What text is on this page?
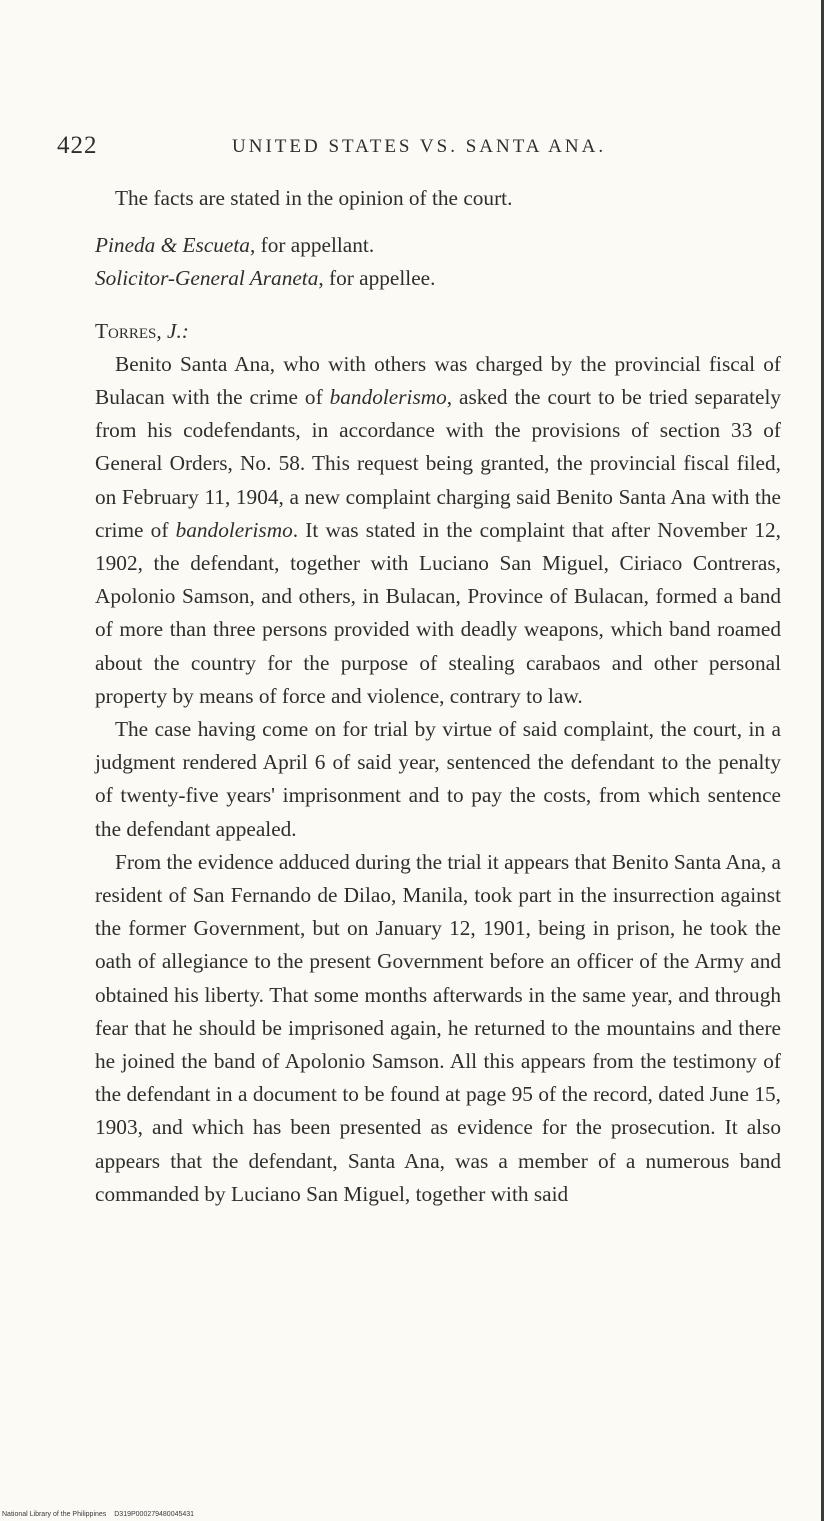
422	UNITED STATES VS. SANTA ANA.

The facts are stated in the opinion of the court.

Pineda & Escueta, for appellant.
Solicitor-General Araneta, for appellee.

Torres, J.:

Benito Santa Ana, who with others was charged by the provincial fiscal of Bulacan with the crime of bandolerismo, asked the court to be tried separately from his codefendants, in accordance with the provisions of section 33 of General Orders, No. 58. This request being granted, the provincial fiscal filed, on February 11, 1904, a new complaint charging said Benito Santa Ana with the crime of bandolerismo. It was stated in the complaint that after November 12, 1902, the defendant, together with Luciano San Miguel, Ciriaco Contreras, Apolonio Samson, and others, in Bulacan, Province of Bulacan, formed a band of more than three persons provided with deadly weapons, which band roamed about the country for the purpose of stealing carabaos and other personal property by means of force and violence, contrary to law.

The case having come on for trial by virtue of said complaint, the court, in a judgment rendered April 6 of said year, sentenced the defendant to the penalty of twenty-five years' imprisonment and to pay the costs, from which sentence the defendant appealed.

From the evidence adduced during the trial it appears that Benito Santa Ana, a resident of San Fernando de Dilao, Manila, took part in the insurrection against the former Government, but on January 12, 1901, being in prison, he took the oath of allegiance to the present Government before an officer of the Army and obtained his liberty. That some months afterwards in the same year, and through fear that he should be imprisoned again, he returned to the mountains and there he joined the band of Apolonio Samson. All this appears from the testimony of the defendant in a document to be found at page 95 of the record, dated June 15, 1903, and which has been presented as evidence for the prosecution. It also appears that the defendant, Santa Ana, was a member of a numerous band commanded by Luciano San Miguel, together with said

National Library of the Philippines D319P000279480045431
